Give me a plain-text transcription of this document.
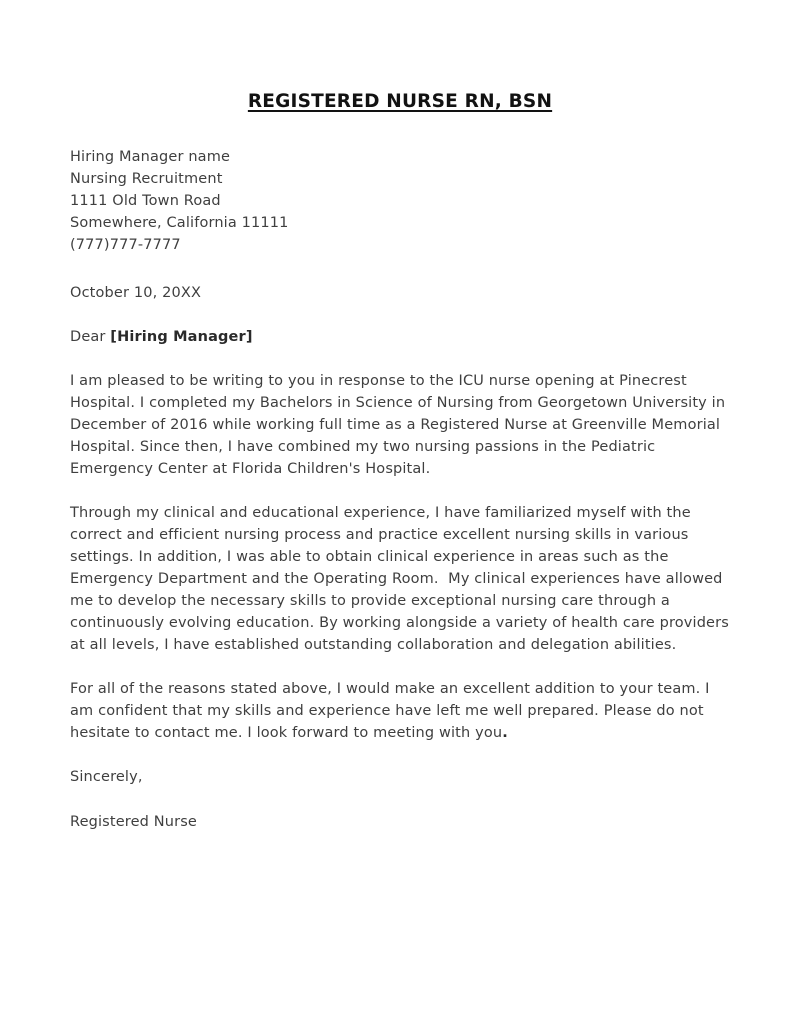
REGISTERED NURSE RN, BSN

Hiring Manager name

Nursing Recruitment

1111 Old Town Road

Somewhere, California 11111

(777)777-7777

October 10, 20XX

Dear [Hiring Manager]

I am pleased to be writing to you in response to the ICU nurse opening at Pinecrest Hospital. I completed my Bachelors in Science of Nursing from Georgetown University in December of 2016 while working full time as a Registered Nurse at Greenville Memorial Hospital. Since then, I have combined my two nursing passions in the Pediatric Emergency Center at Florida Children's Hospital.

Through my clinical and educational experience, I have familiarized myself with the correct and efficient nursing process and practice excellent nursing skills in various settings. In addition, I was able to obtain clinical experience in areas such as the Emergency Department and the Operating Room.  My clinical experiences have allowed me to develop the necessary skills to provide exceptional nursing care through a continuously evolving education. By working alongside a variety of health care providers at all levels, I have established outstanding collaboration and delegation abilities.

For all of the reasons stated above, I would make an excellent addition to your team. I am confident that my skills and experience have left me well prepared. Please do not hesitate to contact me. I look forward to meeting with you.

Sincerely,

Registered Nurse
